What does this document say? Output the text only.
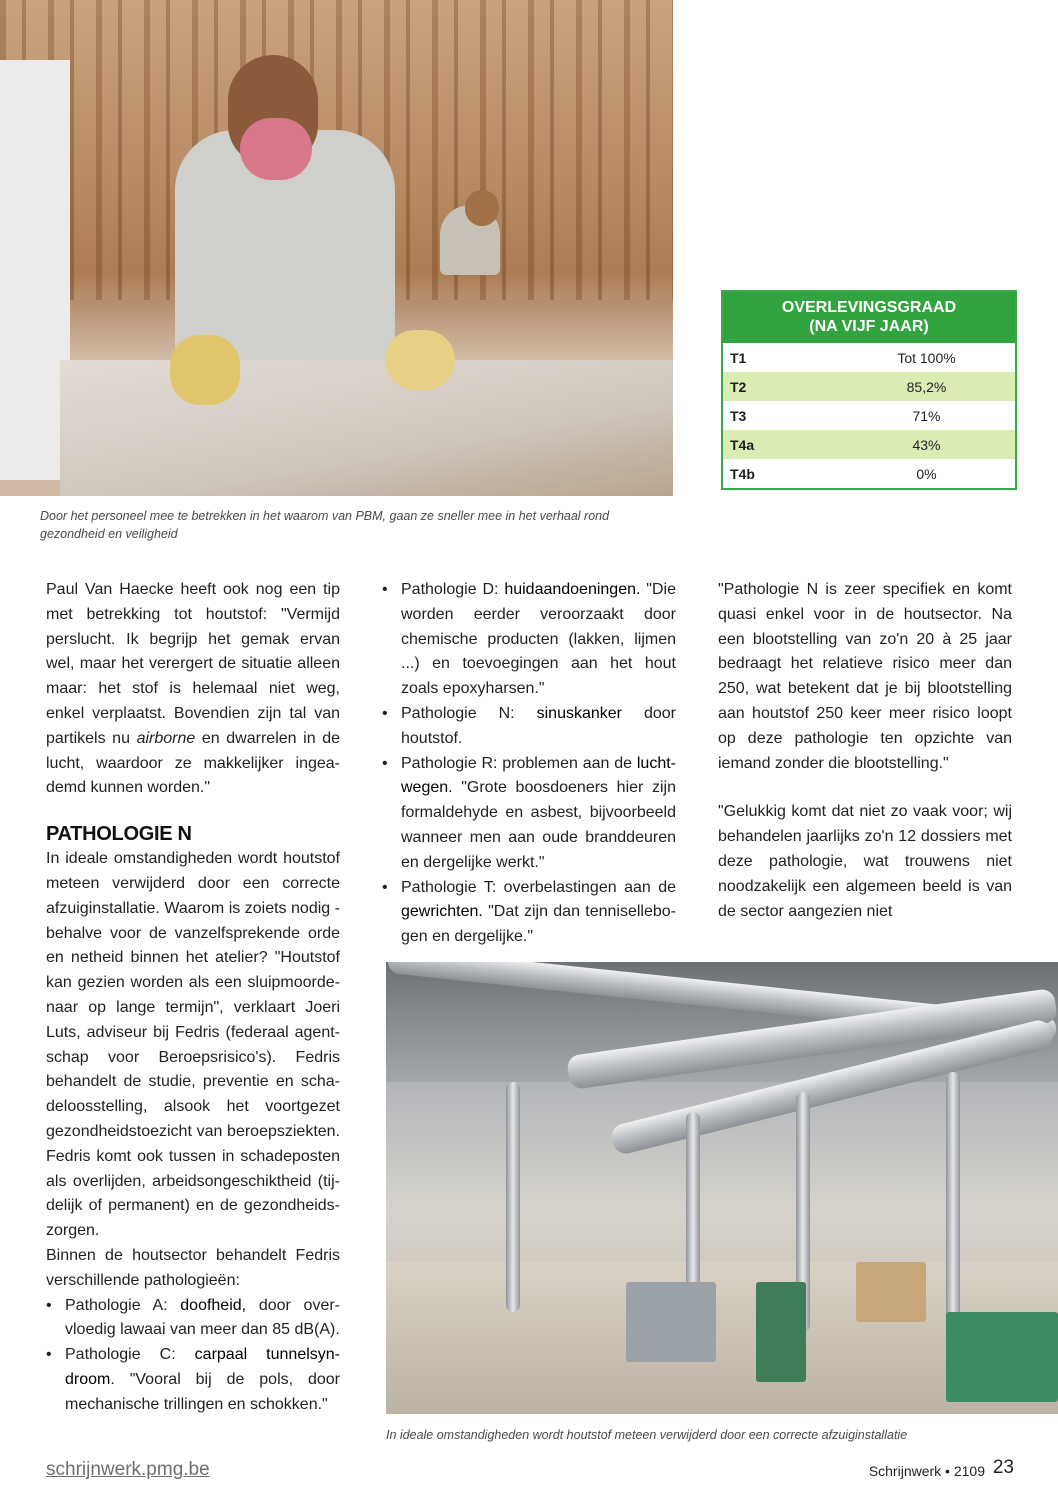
Door het personeel mee te betrekken in het waarom van PBM, gaan ze sneller mee in het verhaal rond gezondheid en veiligheid
OVERLEVINGSGRAAD
(NA VIJF JAAR)
T1	Tot 100%
T2	85,2%
T3	71%
T4a	43%
T4b	0%

Paul Van Haecke heeft ook nog een tip met betrekking tot houtstof: "Vermijd perslucht. Ik begrijp het gemak ervan wel, maar het verergert de situatie alleen maar: het stof is helemaal niet weg, enkel verplaatst. Bovendien zijn tal van partikels nu airborne en dwarrelen in de lucht, waardoor ze makkelijker ingeademd kunnen worden."

PATHOLOGIE N

In ideale omstandigheden wordt houtstof meteen verwijderd door een correcte afzuiginstallatie. Waarom is zoiets nodig - behalve voor de vanzelfsprekende orde en netheid binnen het atelier? "Houtstof kan gezien worden als een sluipmoordenaar op lange termijn", verklaart Joeri Luts, adviseur bij Fedris (federaal agentschap voor Beroepsrisico's). Fedris behandelt de studie, preventie en schadeloosstelling, alsook het voortgezet gezondheidstoezicht van beroepsziekten. Fedris komt ook tussen in schadeposten als overlijden, arbeidsongeschiktheid (tijdelijk of permanent) en de gezondheidszorgen.

Binnen de houtsector behandelt Fedris verschillende pathologieën:

• Pathologie A: doofheid, door overvloedig lawaai van meer dan 85 dB(A).
• Pathologie C: carpaal tunnelsyndroom. "Vooral bij de pols, door mechanische trillingen en schokken."
• Pathologie D: huidaandoeningen. "Die worden eerder veroorzaakt door chemische producten (lakken, lijmen ...) en toevoegingen aan het hout zoals epoxyharsen."
• Pathologie N: sinuskanker door houtstof.
• Pathologie R: problemen aan de luchtwegen. "Grote boosdoeners hier zijn formaldehyde en asbest, bijvoorbeeld wanneer men aan oude branddeuren en dergelijke werkt."
• Pathologie T: overbelastingen aan de gewrichten. "Dat zijn dan tennisellebogen en dergelijke."

"Pathologie N is zeer specifiek en komt quasi enkel voor in de houtsector. Na een blootstelling van zo'n 20 à 25 jaar bedraagt het relatieve risico meer dan 250, wat betekent dat je bij blootstelling aan houtstof 250 keer meer risico loopt op deze pathologie ten opzichte van iemand zonder die blootstelling."

"Gelukkig komt dat niet zo vaak voor; wij behandelen jaarlijks zo'n 12 dossiers met deze pathologie, wat trouwens niet noodzakelijk een algemeen beeld is van de sector aangezien niet

In ideale omstandigheden wordt houtstof meteen verwijderd door een correcte afzuiginstallatie
schrijnwerk.pmg.be	Schrijnwerk • 2109 23
